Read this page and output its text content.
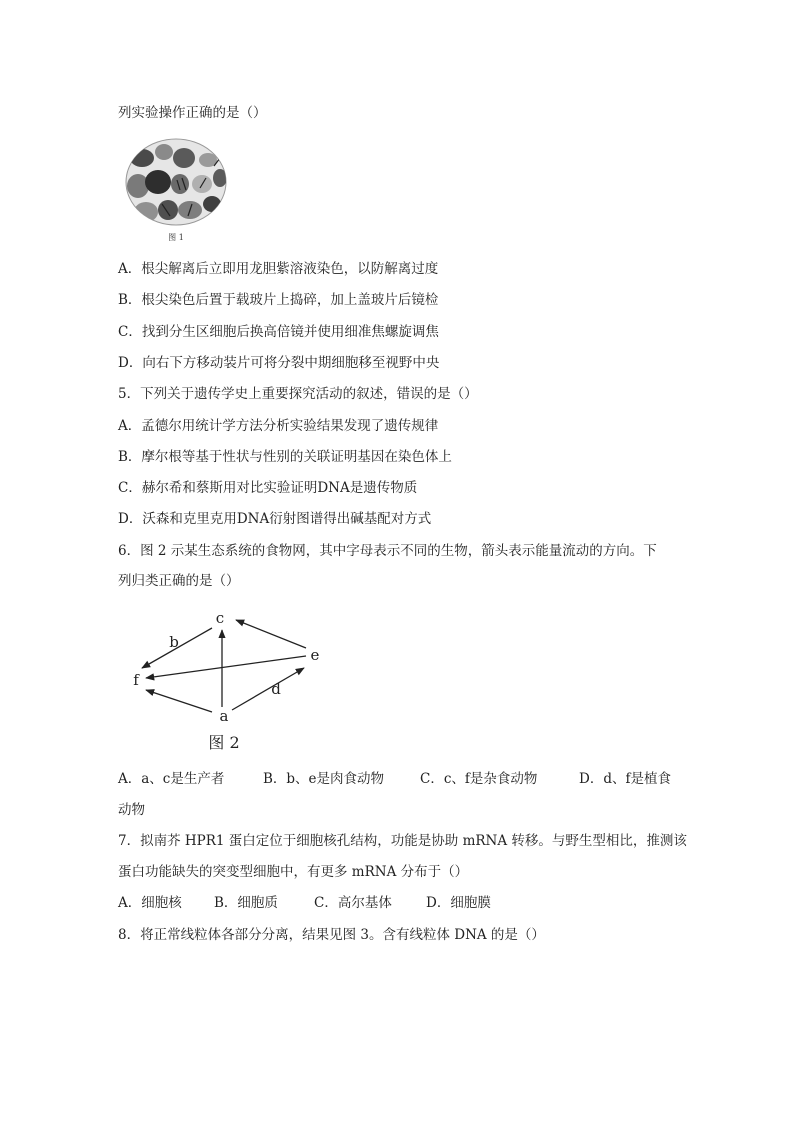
列实验操作正确的是（）
图 1
A．根尖解离后立即用龙胆紫溶液染色，以防解离过度
B．根尖染色后置于载玻片上捣碎，加上盖玻片后镜检
C．找到分生区细胞后换高倍镜并使用细准焦螺旋调焦
D．向右下方移动装片可将分裂中期细胞移至视野中央
5．下列关于遗传学史上重要探究活动的叙述，错误的是（）
A．孟德尔用统计学方法分析实验结果发现了遗传规律
B．摩尔根等基于性状与性别的关联证明基因在染色体上
C．赫尔希和蔡斯用对比实验证明DNA是遗传物质
D．沃森和克里克用DNA衍射图谱得出碱基配对方式
6．图 2 示某生态系统的食物网，其中字母表示不同的生物，箭头表示能量流动的方向。下
列归类正确的是（）
c
b
e
f	d
a
图 2
A．a、c是生产者	B．b、e是肉食动物	C．c、f是杂食动物	D．d、f是植食
动物
7．拟南芥 HPR1 蛋白定位于细胞核孔结构，功能是协助 mRNA 转移。与野生型相比，推测该
蛋白功能缺失的突变型细胞中，有更多 mRNA 分布于（）
A．细胞核 B．细胞质	C．高尔基体	D．细胞膜
8．将正常线粒体各部分分离，结果见图 3。含有线粒体 DNA 的是（）
